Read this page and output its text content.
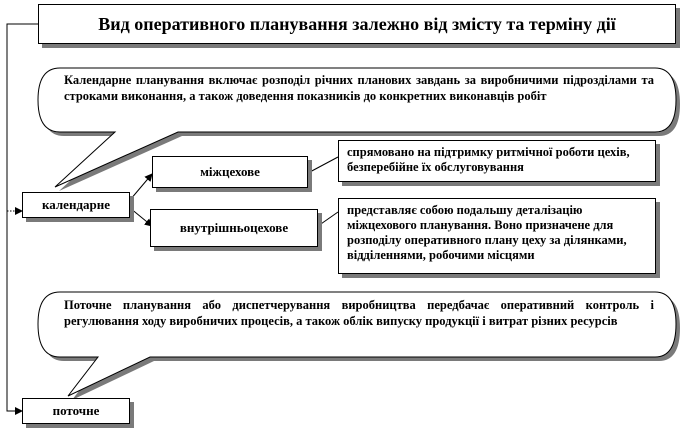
Вид оперативного планування залежно від змісту та терміну дії
Календарне планування включає розподіл річних планових завдань за виробничими підрозділами та строками виконання, а також доведення показників до конкретних виконавців робіт
календарне
міжцехове
внутрішньоцехове
спрямовано на підтримку ритмічної роботи цехів, безперебійне їх обслуговування
представляє собою подальшу деталізацію міжцехового планування. Воно призначене для розподілу оперативного плану цеху за ділянками, відділеннями, робочими місцями
Поточне планування або диспетчерування виробництва передбачає оперативний контроль і регулювання ходу виробничих процесів, а також облік випуску продукції і витрат різних ресурсів
поточне
